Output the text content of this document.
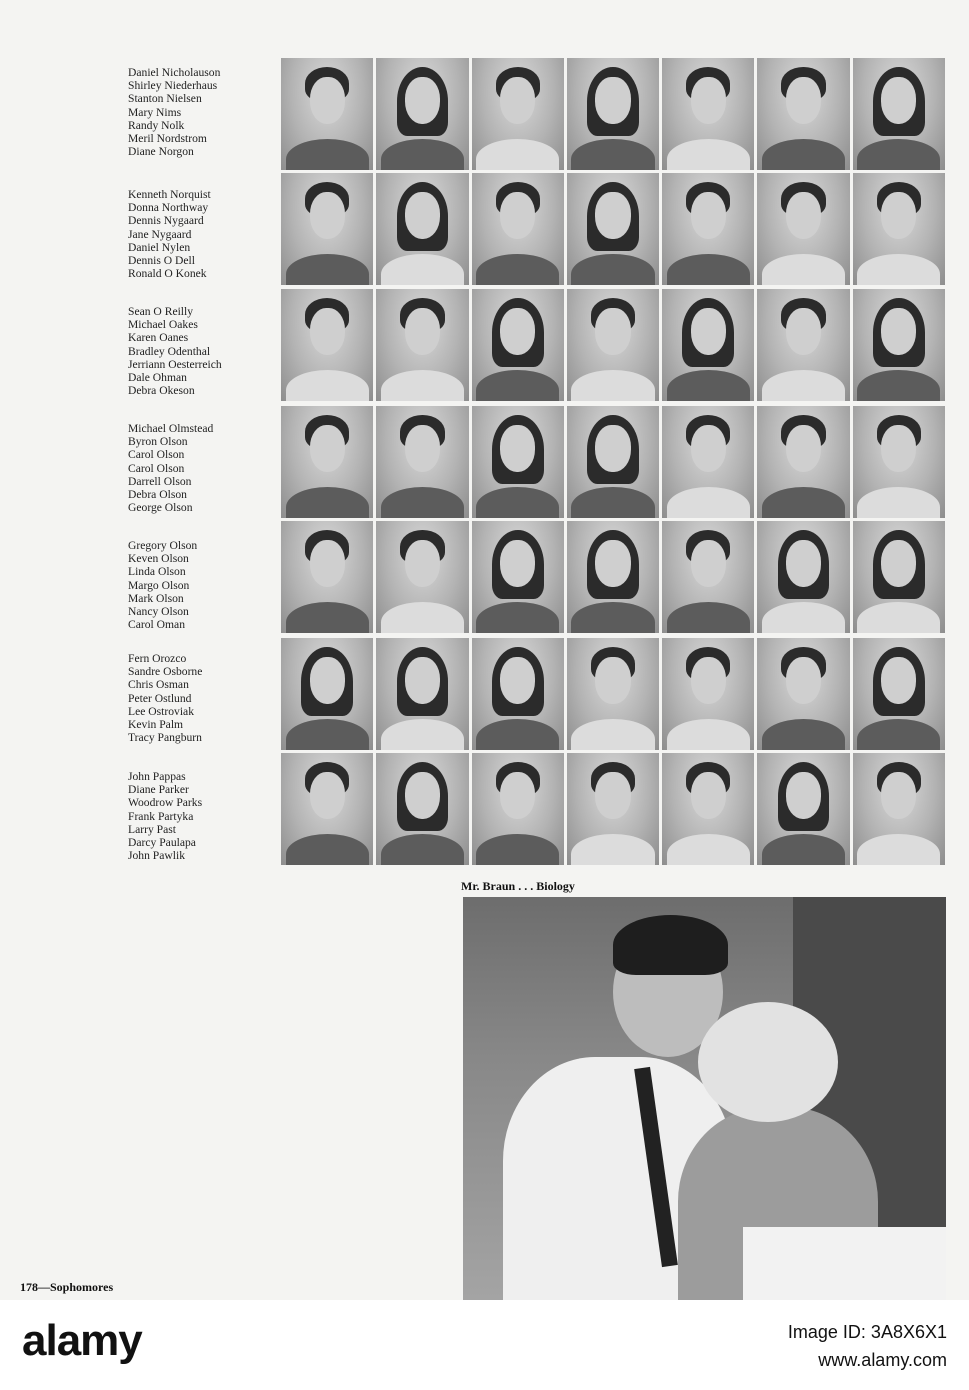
Daniel Nicholauson
Shirley Niederhaus
Stanton Nielsen
Mary Nims
Randy Nolk
Meril Nordstrom
Diane Norgon
Kenneth Norquist
Donna Northway
Dennis Nygaard
Jane Nygaard
Daniel Nylen
Dennis O Dell
Ronald O Konek
Sean O Reilly
Michael Oakes
Karen Oanes
Bradley Odenthal
Jerriann Oesterreich
Dale Ohman
Debra Okeson
Michael Olmstead
Byron Olson
Carol Olson
Carol Olson
Darrell Olson
Debra Olson
George Olson
Gregory Olson
Keven Olson
Linda Olson
Margo Olson
Mark Olson
Nancy Olson
Carol Oman
Fern Orozco
Sandre Osborne
Chris Osman
Peter Ostlund
Lee Ostroviak
Kevin Palm
Tracy Pangburn
John Pappas
Diane Parker
Woodrow Parks
Frank Partyka
Larry Past
Darcy Paulapa
John Pawlik
Mr. Braun . . . Biology
178—Sophomores
alamy	Image ID: 3A8X6X1
www.alamy.com
